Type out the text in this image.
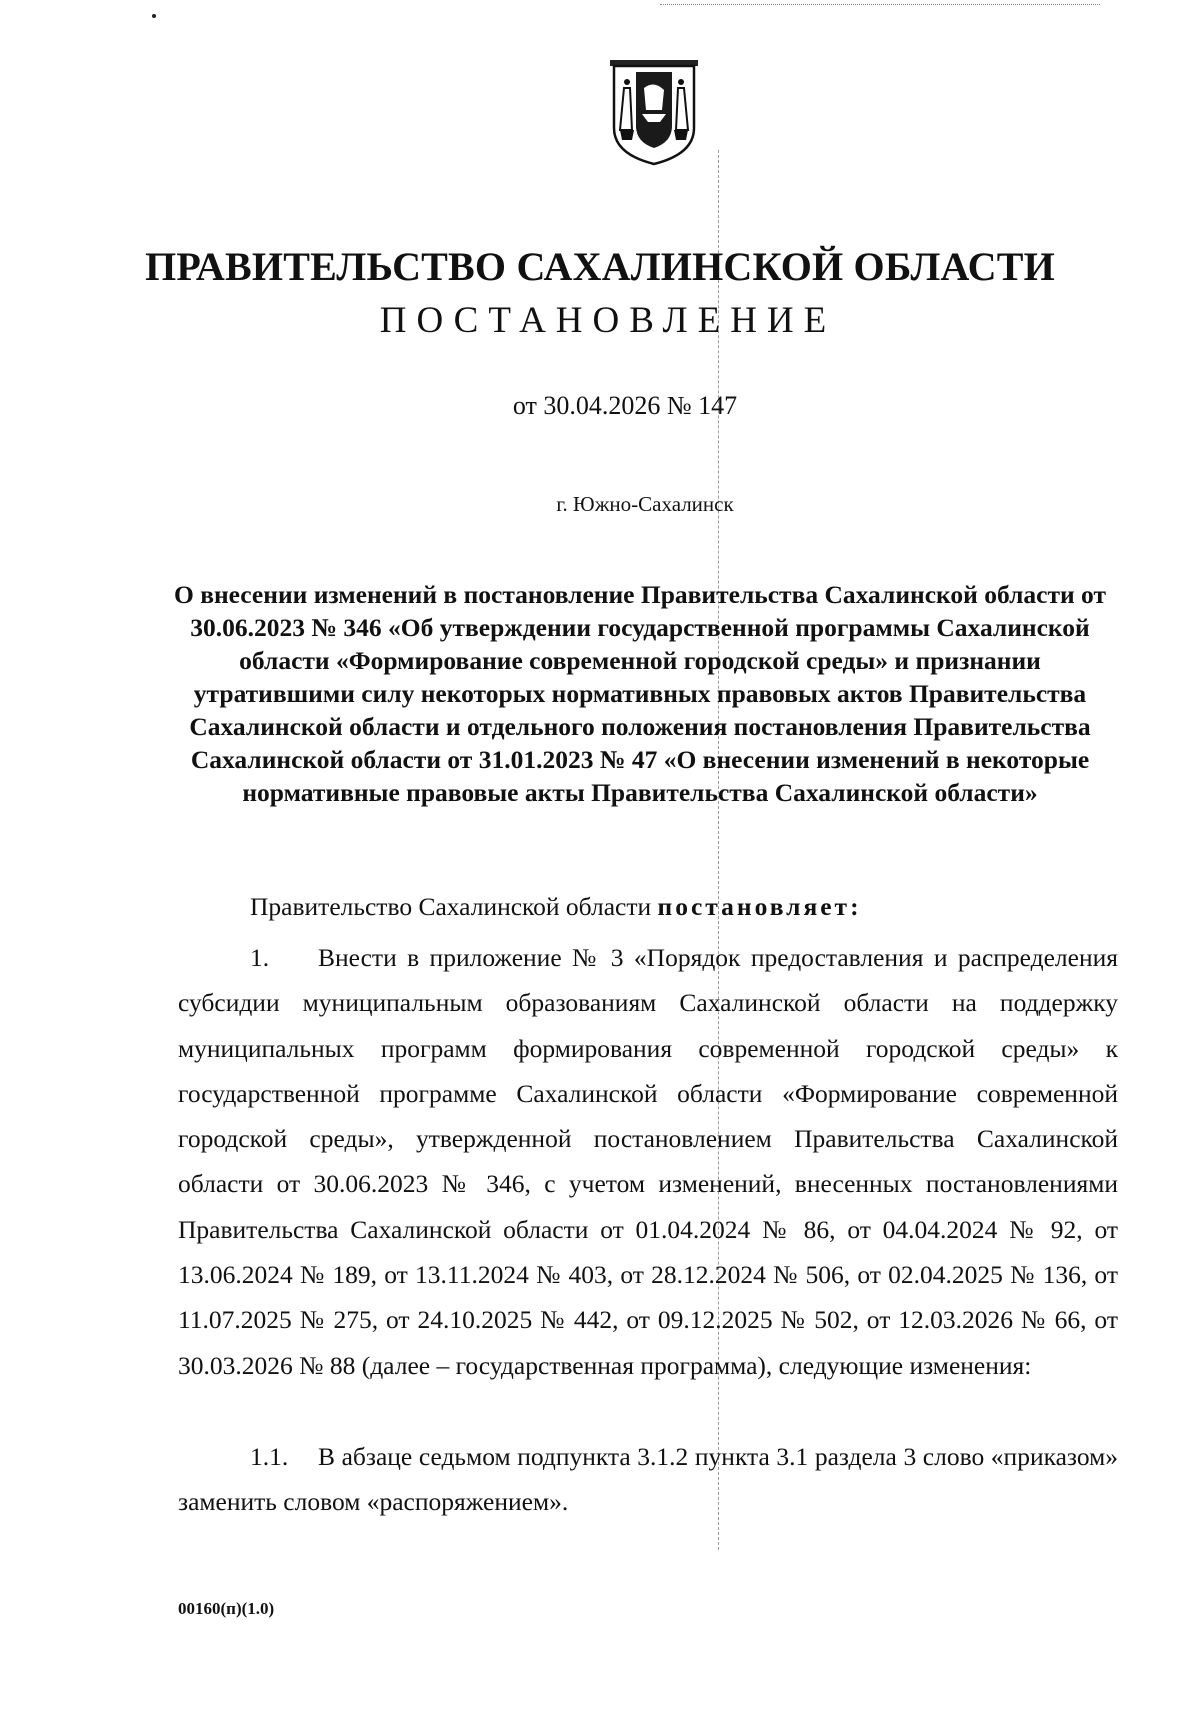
ПРАВИТЕЛЬСТВО САХАЛИНСКОЙ ОБЛАСТИ
ПОСТАНОВЛЕНИЕ
от 30.04.2026 № 147
г. Южно-Сахалинск
О внесении изменений в постановление Правительства Сахалинской области от 30.06.2023 № 346 «Об утверждении государственной программы Сахалинской области «Формирование современной городской среды» и признании утратившими силу некоторых нормативных правовых актов Правительства Сахалинской области и отдельного положения постановления Правительства Сахалинской области от 31.01.2023 № 47 «О внесении изменений в некоторые нормативные правовые акты Правительства Сахалинской области»
Правительство Сахалинской области постановляет:
1. Внести в приложение № 3 «Порядок предоставления и распределения субсидии муниципальным образованиям Сахалинской области на поддержку муниципальных программ формирования современной городской среды» к государственной программе Сахалинской области «Формирование современной городской среды», утвержденной постановлением Правительства Сахалинской области от 30.06.2023 № 346, с учетом изменений, внесенных постановлениями Правительства Сахалинской области от 01.04.2024 № 86, от 04.04.2024 № 92, от 13.06.2024 № 189, от 13.11.2024 № 403, от 28.12.2024 № 506, от 02.04.2025 № 136, от 11.07.2025 № 275, от 24.10.2025 № 442, от 09.12.2025 № 502, от 12.03.2026 № 66, от 30.03.2026 № 88 (далее – государственная программа), следующие изменения:
1.1. В абзаце седьмом подпункта 3.1.2 пункта 3.1 раздела 3 слово «приказом» заменить словом «распоряжением».
00160(п)(1.0)
